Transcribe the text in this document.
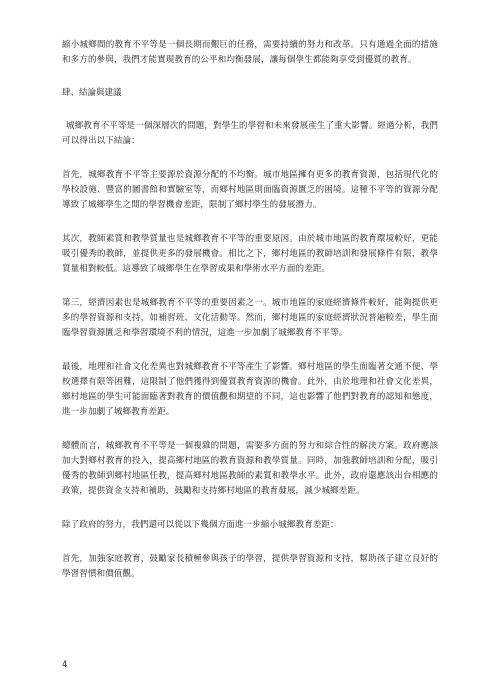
縮小城鄉間的教育不平等是一個長期而艱巨的任務，需要持續的努力和改革。只有通過全面的措施和多方的參與，我們才能實現教育的公平和均衡發展，讓每個學生都能夠享受到優質的教育。

肆、結論與建議

城鄉教育不平等是一個深層次的問題，對學生的學習和未來發展產生了重大影響。經過分析，我們可以得出以下結論：

首先，城鄉教育不平等主要源於資源分配的不均衡。城市地區擁有更多的教育資源，包括現代化的學校設施、豐富的圖書館和實驗室等，而鄉村地區則面臨資源匱乏的困境。這種不平等的資源分配導致了城鄉學生之間的學習機會差距，限制了鄉村學生的發展潛力。

其次，教師素質和教學質量也是城鄉教育不平等的重要原因。由於城市地區的教育環境較好，更能吸引優秀的教師，並提供更多的發展機會。相比之下，鄉村地區的教師培訓和發展條件有限，教學質量相對較低。這導致了城鄉學生在學習成果和學術水平方面的差距。

第三，經濟因素也是城鄉教育不平等的重要因素之一。城市地區的家庭經濟條件較好，能夠提供更多的學習資源和支持，如補習班、文化活動等。然而，鄉村地區的家庭經濟狀況普遍較差，學生面臨學習資源匱乏和學習環境不利的情況，這進一步加劇了城鄉教育不平等。

最後，地理和社會文化差異也對城鄉教育不平等產生了影響。鄉村地區的學生面臨著交通不便、學校選擇有限等困難，這限制了他們獲得到優質教育資源的機會。此外，由於地理和社會文化差異，鄉村地區的學生可能面臨著對教育的價值觀和期望的不同，這也影響了他們對教育的認知和態度，進一步加劇了城鄉教育差距。

總體而言，城鄉教育不平等是一個複雜的問題，需要多方面的努力和綜合性的解決方案。政府應該加大對鄉村教育的投入，提高鄉村地區的教育資源和教學質量。同時，加強教師培訓和分配，吸引優秀的教師到鄉村地區任教，提高鄉村地區教師的素質和教學水平。此外，政府還應該出台相應的政策，提供資金支持和補助，鼓勵和支持鄉村地區的教育發展，減少城鄉差距。

除了政府的努力，我們還可以從以下幾個方面進一步縮小城鄉教育差距：

首先，加強家庭教育，鼓勵家長積極參與孩子的學習，提供學習資源和支持，幫助孩子建立良好的學習習慣和價值觀。

4
